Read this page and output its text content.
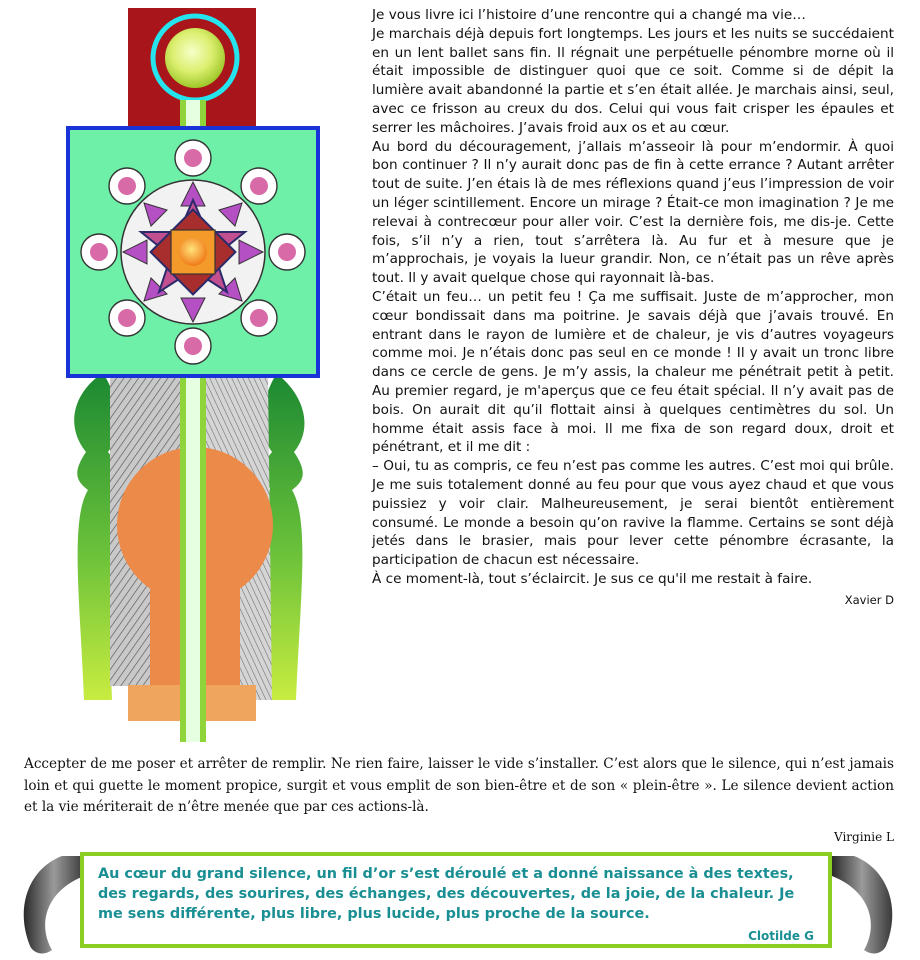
Je vous livre ici l’histoire d’une rencontre qui a changé ma vie…

Je marchais déjà depuis fort longtemps. Les jours et les nuits se succédaient en un lent ballet sans fin. Il régnait une perpétuelle pénombre morne où il était impossible de distinguer quoi que ce soit. Comme si de dépit la lumière avait abandonné la partie et s’en était allée. Je marchais ainsi, seul, avec ce frisson au creux du dos. Celui qui vous fait crisper les épaules et serrer les mâchoires. J’avais froid aux os et au cœur.

Au bord du découragement, j’allais m’asseoir là pour m’endormir. À quoi bon continuer ? Il n’y aurait donc pas de fin à cette errance ? Autant arrêter tout de suite. J’en étais là de mes réflexions quand j’eus l’impression de voir un léger scintillement. Encore un mirage ? Était-ce mon imagination ? Je me relevai à contrecœur pour aller voir. C’est la dernière fois, me dis-je. Cette fois, s’il n’y a rien, tout s’arrêtera là. Au fur et à mesure que je m’approchais, je voyais la lueur grandir. Non, ce n’était pas un rêve après tout. Il y avait quelque chose qui rayonnait là-bas.

C’était un feu… un petit feu ! Ça me suffisait. Juste de m’approcher, mon cœur bondissait dans ma poitrine. Je savais déjà que j’avais trouvé. En entrant dans le rayon de lumière et de chaleur, je vis d’autres voyageurs comme moi. Je n’étais donc pas seul en ce monde ! Il y avait un tronc libre dans ce cercle de gens. Je m’y assis, la chaleur me pénétrait petit à petit. Au premier regard, je m'aperçus que ce feu était spécial. Il n’y avait pas de bois. On aurait dit qu’il flottait ainsi à quelques centimètres du sol. Un homme était assis face à moi. Il me fixa de son regard doux, droit et pénétrant, et il me dit :

– Oui, tu as compris, ce feu n’est pas comme les autres. C’est moi qui brûle. Je me suis totalement donné au feu pour que vous ayez chaud et que vous puissiez y voir clair. Malheureusement, je serai bientôt entièrement consumé. Le monde a besoin qu’on ravive la flamme. Certains se sont déjà jetés dans le brasier, mais pour lever cette pénombre écrasante, la participation de chacun est nécessaire.

À ce moment-là, tout s’éclaircit. Je sus ce qu'il me restait à faire.

Xavier D

Accepter de me poser et arrêter de remplir. Ne rien faire, laisser le vide s’installer. C’est alors que le silence, qui n’est jamais loin et qui guette le moment propice, surgit et vous emplit de son bien-être et de son « plein-être ». Le silence devient action et la vie mériterait de n’être menée que par ces actions-là.

Virginie L

Au cœur du grand silence, un fil d’or s’est déroulé et a donné naissance à des textes, des regards, des sourires, des échanges, des découvertes, de la joie, de la chaleur. Je me sens différente, plus libre, plus lucide, plus proche de la source.

Clotilde G
